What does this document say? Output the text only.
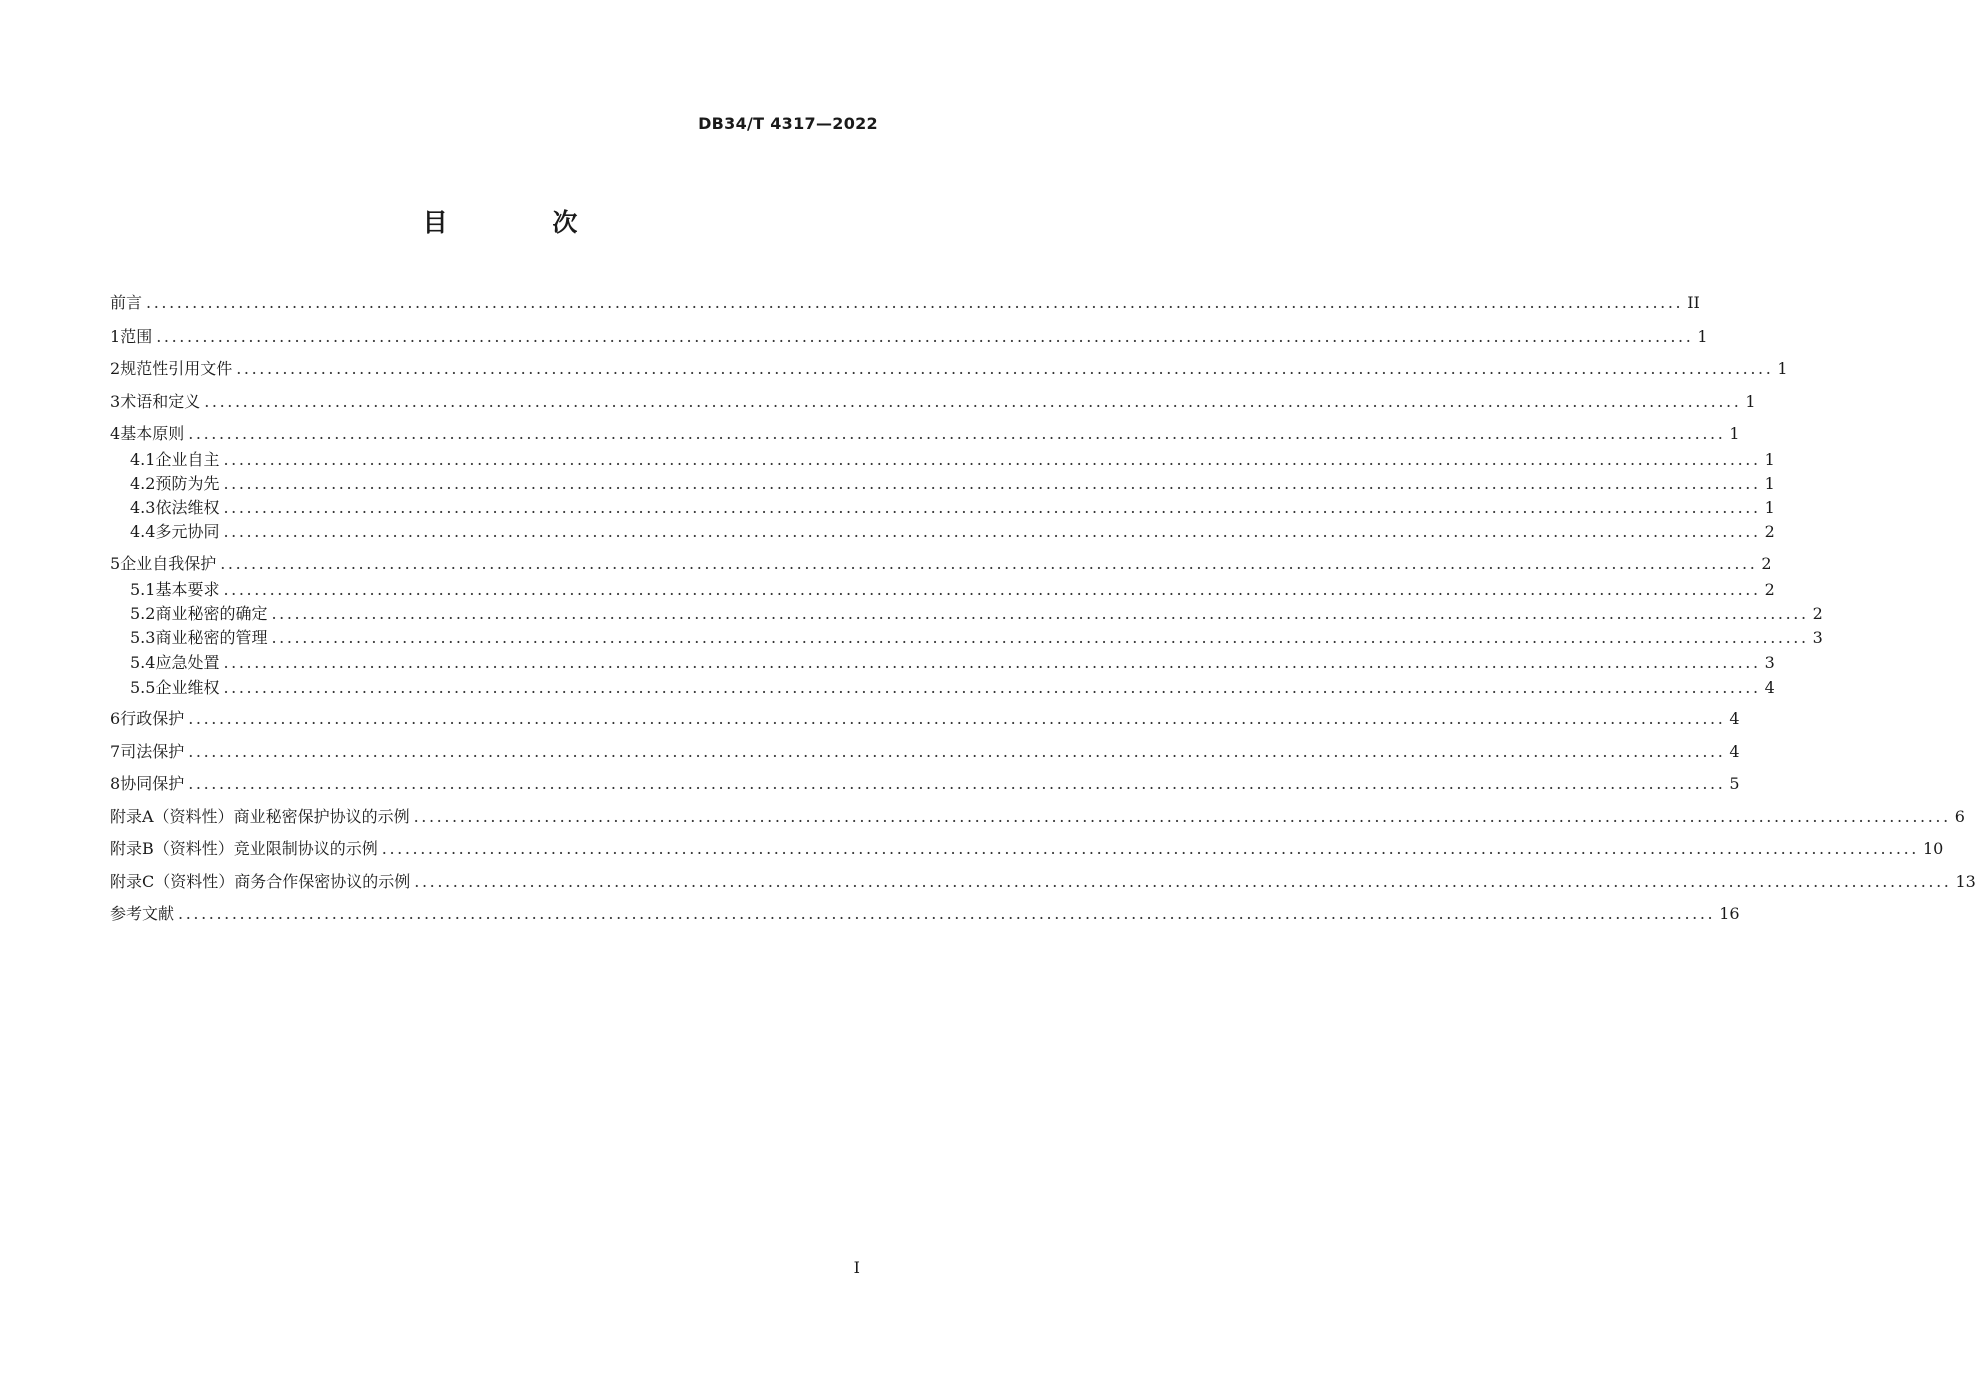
DB34/T 4317—2022
目 次
前言 ........................................................................................................................................................................................................ II
1 范围 ........................................................................................................................................................................................................ 1
2 规范性引用文件 ........................................................................................................................................................................................................ 1
3 术语和定义 ........................................................................................................................................................................................................ 1
4 基本原则 ........................................................................................................................................................................................................ 1
4.1 企业自主 ........................................................................................................................................................................................................ 1
4.2 预防为先 ........................................................................................................................................................................................................ 1
4.3 依法维权 ........................................................................................................................................................................................................ 1
4.4 多元协同 ........................................................................................................................................................................................................ 2
5 企业自我保护 ........................................................................................................................................................................................................ 2
5.1 基本要求 ........................................................................................................................................................................................................ 2
5.2 商业秘密的确定 ........................................................................................................................................................................................................ 2
5.3 商业秘密的管理 ........................................................................................................................................................................................................ 3
5.4 应急处置 ........................................................................................................................................................................................................ 3
5.5 企业维权 ........................................................................................................................................................................................................ 4
6 行政保护 ........................................................................................................................................................................................................ 4
7 司法保护 ........................................................................................................................................................................................................ 4
8 协同保护 ........................................................................................................................................................................................................ 5
附录A（资料性） 商业秘密保护协议的示例 ........................................................................................................................................................................................................ 6
附录B（资料性） 竞业限制协议的示例 ........................................................................................................................................................................................................ 10
附录C（资料性） 商务合作保密协议的示例 ........................................................................................................................................................................................................ 13
参考文献 ........................................................................................................................................................................................................ 16
I
